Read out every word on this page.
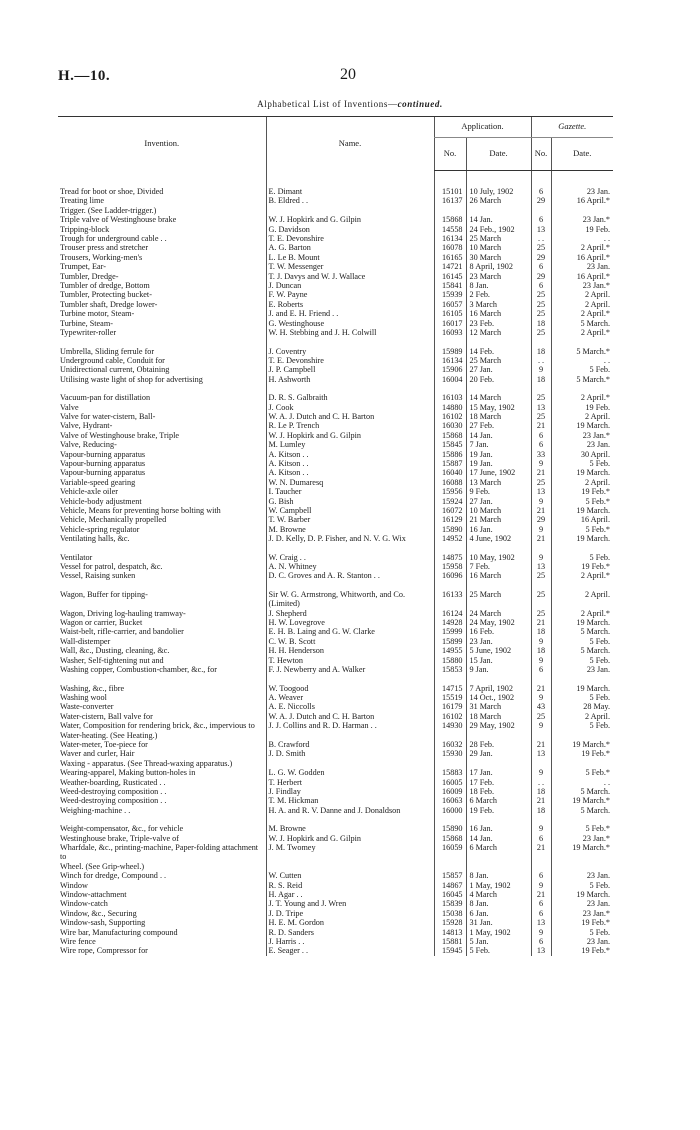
H.—10.	20
Alphabetical List of Inventions—continued.
Invention.	Name.	Application.		Gazette.	
		No.	Date.	No.	Date.

Tread for boot or shoe, Divided	E. Dimant	15101	10 July, 1902	6	23 Jan.
Treating lime	B. Eldred . .	16137	26 March	29	16 April.*
Trigger. (See Ladder-trigger.)					
Triple valve of Westinghouse brake	W. J. Hopkirk and G. Gilpin	15868	14 Jan.	6	23 Jan.*
Tripping-block	G. Davidson	14558	24 Feb., 1902	13	19 Feb.
Trough for underground cable . .	T. E. Devonshire	16134	25 March	. .	. .
Trouser press and stretcher	A. G. Barton	16078	10 March	25	2 April.*
Trousers, Working-men's	L. Le B. Mount	16165	30 March	29	16 April.*
Trumpet, Ear-	T. W. Messenger	14721	8 April, 1902	6	23 Jan.
Tumbler, Dredge-	T. J. Davys and W. J. Wallace	16145	23 March	29	16 April.*
Tumbler of dredge, Bottom	J. Duncan	15841	8 Jan.	6	23 Jan.*
Tumbler, Protecting bucket-	F. W. Payne	15939	2 Feb.	25	2 April.
Tumbler shaft, Dredge lower-	E. Roberts	16057	3 March	25	2 April.
Turbine motor, Steam-	J. and E. H. Friend . .	16105	16 March	25	2 April.*
Turbine, Steam-	G. Westinghouse	16017	23 Feb.	18	5 March.
Typewriter-roller	W. H. Stebbing and J. H. Colwill	16093	12 March	25	2 April.*

Umbrella, Sliding ferrule for	J. Coventry	15989	14 Feb.	18	5 March.*
Underground cable, Conduit for	T. E. Devonshire	16134	25 March	. .	. .
Unidirectional current, Obtaining	J. P. Campbell	15906	27 Jan.	9	5 Feb.
Utilising waste light of shop for advertising	H. Ashworth	16004	20 Feb.	18	5 March.*

Vacuum-pan for distillation	D. R. S. Galbraith	16103	14 March	25	2 April.*
Valve	J. Cook	14880	15 May, 1902	13	19 Feb.
Valve for water-cistern, Ball-	W. A. J. Dutch and C. H. Barton	16102	18 March	25	2 April.
Valve, Hydrant-	R. Le P. Trench	16030	27 Feb.	21	19 March.
Valve of Westinghouse brake, Triple	W. J. Hopkirk and G. Gilpin	15868	14 Jan.	6	23 Jan.*
Valve, Reducing-	M. Lumley	15845	7 Jan.	6	23 Jan.
Vapour-burning apparatus	A. Kitson . .	15886	19 Jan.	33	30 April.
Vapour-burning apparatus	A. Kitson . .	15887	19 Jan.	9	5 Feb.
Vapour-burning apparatus	A. Kitson . .	16040	17 June, 1902	21	19 March.
Variable-speed gearing	W. N. Dumaresq	16088	13 March	25	2 April.
Vehicle-axle oiler	I. Taucher	15956	9 Feb.	13	19 Feb.*
Vehicle-body adjustment	G. Bish	15924	27 Jan.	9	5 Feb.*
Vehicle, Means for preventing horse bolting with	W. Campbell	16072	10 March	21	19 March.
Vehicle, Mechanically propelled	T. W. Barber	16129	21 March	29	16 April.
Vehicle-spring regulator	M. Browne	15890	16 Jan.	9	5 Feb.*
Ventilating halls, &c.	J. D. Kelly, D. P. Fisher, and N. V. G. Wix	14952	4 June, 1902	21	19 March.

Ventilator	W. Craig . .	14875	10 May, 1902	9	5 Feb.
Vessel for patrol, despatch, &c.	A. N. Whitney	15958	7 Feb.	13	19 Feb.*
Vessel, Raising sunken	D. C. Groves and A. R. Stanton . .	16096	16 March	25	2 April.*

Wagon, Buffer for tipping-	Sir W. G. Armstrong, Whitworth, and Co. (Limited)	16133	25 March	25	2 April.
Wagon, Driving log-hauling tramway-	J. Shepherd	16124	24 March	25	2 April.*
Wagon or carrier, Bucket	H. W. Lovegrove	14928	24 May, 1902	21	19 March.
Waist-belt, rifle-carrier, and bandolier	E. H. B. Laing and G. W. Clarke	15999	16 Feb.	18	5 March.
Wall-distemper	C. W. B. Scott	15899	23 Jan.	9	5 Feb.
Wall, &c., Dusting, cleaning, &c.	H. H. Henderson	14955	5 June, 1902	18	5 March.
Washer, Self-tightening nut and	T. Hewton	15880	15 Jan.	9	5 Feb.
Washing copper, Combustion-chamber, &c., for	F. J. Newberry and A. Walker	15853	9 Jan.	6	23 Jan.

Washing, &c., fibre	W. Toogood	14715	7 April, 1902	21	19 March.
Washing wool	A. Weaver	15519	14 Oct., 1902	9	5 Feb.
Waste-converter	A. E. Niccolls	16179	31 March	43	28 May.
Water-cistern, Ball valve for	W. A. J. Dutch and C. H. Barton	16102	18 March	25	2 April.
Water, Composition for rendering brick, &c., impervious to	J. J. Collins and R. D. Harman . .	14930	29 May, 1902	9	5 Feb.
Water-heating. (See Heating.)					
Water-meter, Toe-piece for	B. Crawford	16032	28 Feb.	21	19 March.*
Waver and curler, Hair	J. D. Smith	15930	29 Jan.	13	19 Feb.*
Waxing - apparatus. (See Thread-waxing apparatus.)					
Wearing-apparel, Making button-holes in	L. G. W. Godden	15883	17 Jan.	9	5 Feb.*
Weather-boarding, Rusticated . .	T. Herbert	16005	17 Feb.	. .	. .
Weed-destroying composition . .	J. Findlay	16009	18 Feb.	18	5 March.
Weed-destroying composition . .	T. M. Hickman	16063	6 March	21	19 March.*
Weighing-machine . .	H. A. and R. V. Danne and J. Donaldson	16000	19 Feb.	18	5 March.

Weight-compensator, &c., for vehicle	M. Browne	15890	16 Jan.	9	5 Feb.*
Westinghouse brake, Triple-valve of	W. J. Hopkirk and G. Gilpin	15868	14 Jan.	6	23 Jan.*
Wharfdale, &c., printing-machine, Paper-folding attachment to	J. M. Twomey	16059	6 March	21	19 March.*
Wheel. (See Grip-wheel.)					
Winch for dredge, Compound . .	W. Cutten	15857	8 Jan.	6	23 Jan.
Window	R. S. Reid	14867	1 May, 1902	9	5 Feb.
Window-attachment	H. Agar . .	16045	4 March	21	19 March.
Window-catch	J. T. Young and J. Wren	15839	8 Jan.	6	23 Jan.
Window, &c., Securing	J. D. Tripe	15038	6 Jan.	6	23 Jan.*
Window-sash, Supporting	H. E. M. Gordon	15928	31 Jan.	13	19 Feb.*
Wire bar, Manufacturing compound	R. D. Sanders	14813	1 May, 1902	9	5 Feb.
Wire fence	J. Harris . .	15881	5 Jan.	6	23 Jan.
Wire rope, Compressor for	E. Seager . .	15945	5 Feb.	13	19 Feb.*
